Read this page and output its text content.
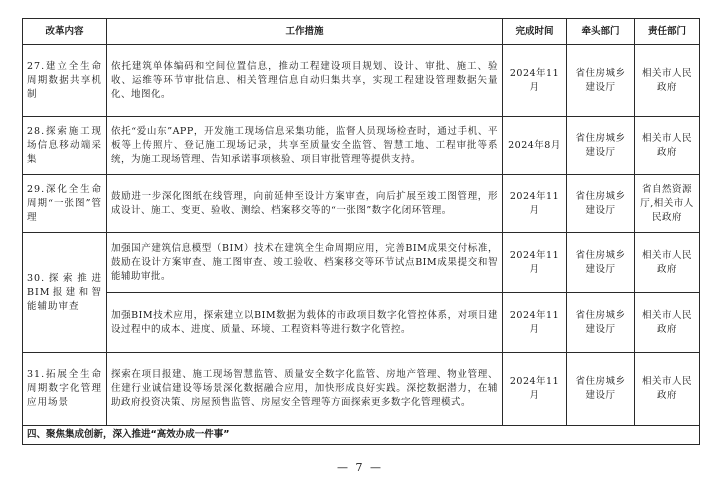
改革内容	工作措施	完成时间	牵头部门	责任部门
27.建立全生命周期数据共享机制	依托建筑单体编码和空间位置信息，推动工程建设项目规划、设计、审批、施工、验收、运维等环节审批信息、相关管理信息自动归集共享，实现工程建设管理数据矢量化、地图化。	2024年11月	省住房城乡建设厅	相关市人民政府
28.探索施工现场信息移动端采集	依托“爱山东”APP，开发施工现场信息采集功能，监督人员现场检查时，通过手机、平板等上传照片、登记施工现场记录，共享至质量安全监管、智慧工地、工程审批等系统，为施工现场管理、告知承诺事项核验、项目审批管理等提供支持。	2024年8月	省住房城乡建设厅	相关市人民政府
29.深化全生命周期“一张图”管理	鼓励进一步深化图纸在线管理，向前延伸至设计方案审查，向后扩展至竣工图管理，形成设计、施工、变更、验收、测绘、档案移交等的“一张图”数字化闭环管理。	2024年11月	省住房城乡建设厅	省自然资源厅,相关市人民政府
30.探索推进BIM报建和智能辅助审查	加强国产建筑信息模型（BIM）技术在建筑全生命周期应用，完善BIM成果交付标准，鼓励在设计方案审查、施工图审查、竣工验收、档案移交等环节试点BIM成果提交和智能辅助审批。	2024年11月	省住房城乡建设厅	相关市人民政府
	加强BIM技术应用，探索建立以BIM数据为载体的市政项目数字化管控体系，对项目建设过程中的成本、进度、质量、环境、工程资料等进行数字化管控。	2024年11月	省住房城乡建设厅	相关市人民政府
31.拓展全生命周期数字化管理应用场景	探索在项目报建、施工现场智慧监管、质量安全数字化监管、房地产管理、物业管理、住建行业诚信建设等场景深化数据融合应用，加快形成良好实践。深挖数据潜力，在辅助政府投资决策、房屋预售监管、房屋安全管理等方面探索更多数字化管理模式。	2024年11月	省住房城乡建设厅	相关市人民政府
四、聚焦集成创新，深入推进“高效办成一件事”				
— 7 —
